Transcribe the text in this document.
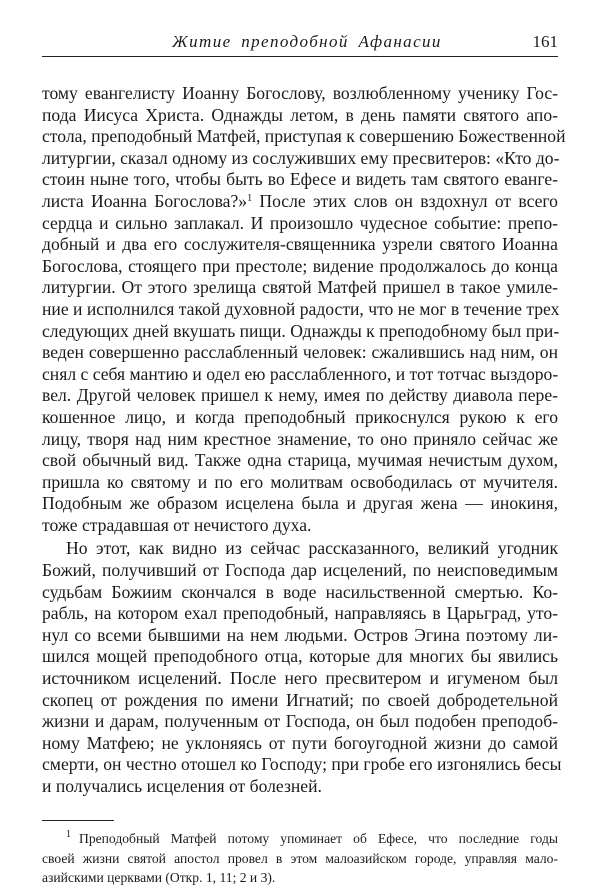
Житие преподобной Афанасии	161
тому евангелисту Иоанну Богослову, возлюбленному ученику Гос-
пода Иисуса Христа. Однажды летом, в день памяти святого апо-
стола, преподобный Матфей, приступая к совершению Божественной
литургии, сказал одному из сослуживших ему пресвитеров: «Кто до-
стоин ныне того, чтобы быть во Ефесе и видеть там святого еванге-
листа Иоанна Богослова?»$^1$ После этих слов он вздохнул от всего
сердца и сильно заплакал. И произошло чудесное событие: препо-
добный и два его сослужителя-священника узрели святого Иоанна
Богослова, стоящего при престоле; видение продолжалось до конца
литургии. От этого зрелища святой Матфей пришел в такое умиле-
ние и исполнился такой духовной радости, что не мог в течение трех
следующих дней вкушать пищи. Однажды к преподобному был при-
веден совершенно расслабленный человек: сжалившись над ним, он
снял с себя мантию и одел ею расслабленного, и тот тотчас выздоро-
вел. Другой человек пришел к нему, имея по действу диавола пере-
кошенное лицо, и когда преподобный прикоснулся рукою к его
лицу, творя над ним крестное знамение, то оно приняло сейчас же
свой обычный вид. Также одна старица, мучимая нечистым духом,
пришла ко святому и по его молитвам освободилась от мучителя.
Подобным же образом исцелена была и другая жена — инокиня,
тоже страдавшая от нечистого духа.
Но этот, как видно из сейчас рассказанного, великий угодник
Божий, получивший от Господа дар исцелений, по неисповедимым
судьбам Божиим скончался в воде насильственной смертью. Ко-
рабль, на котором ехал преподобный, направляясь в Царьград, уто-
нул со всеми бывшими на нем людьми. Остров Эгина поэтому ли-
шился мощей преподобного отца, которые для многих бы явились
источником исцелений. После него пресвитером и игуменом был
скопец от рождения по имени Игнатий; по своей добродетельной
жизни и дарам, полученным от Господа, он был подобен преподоб-
ному Матфею; не уклоняясь от пути богоугодной жизни до самой
смерти, он честно отошел ко Господу; при гробе его изгонялись бесы
и получались исцеления от болезней.
$^1$ Преподобный Матфей потому упоминает об Ефесе, что последние годы
своей жизни святой апостол провел в этом малоазийском городе, управляя мало-
азийскими церквами (Откр. 1, 11; 2 и 3).
